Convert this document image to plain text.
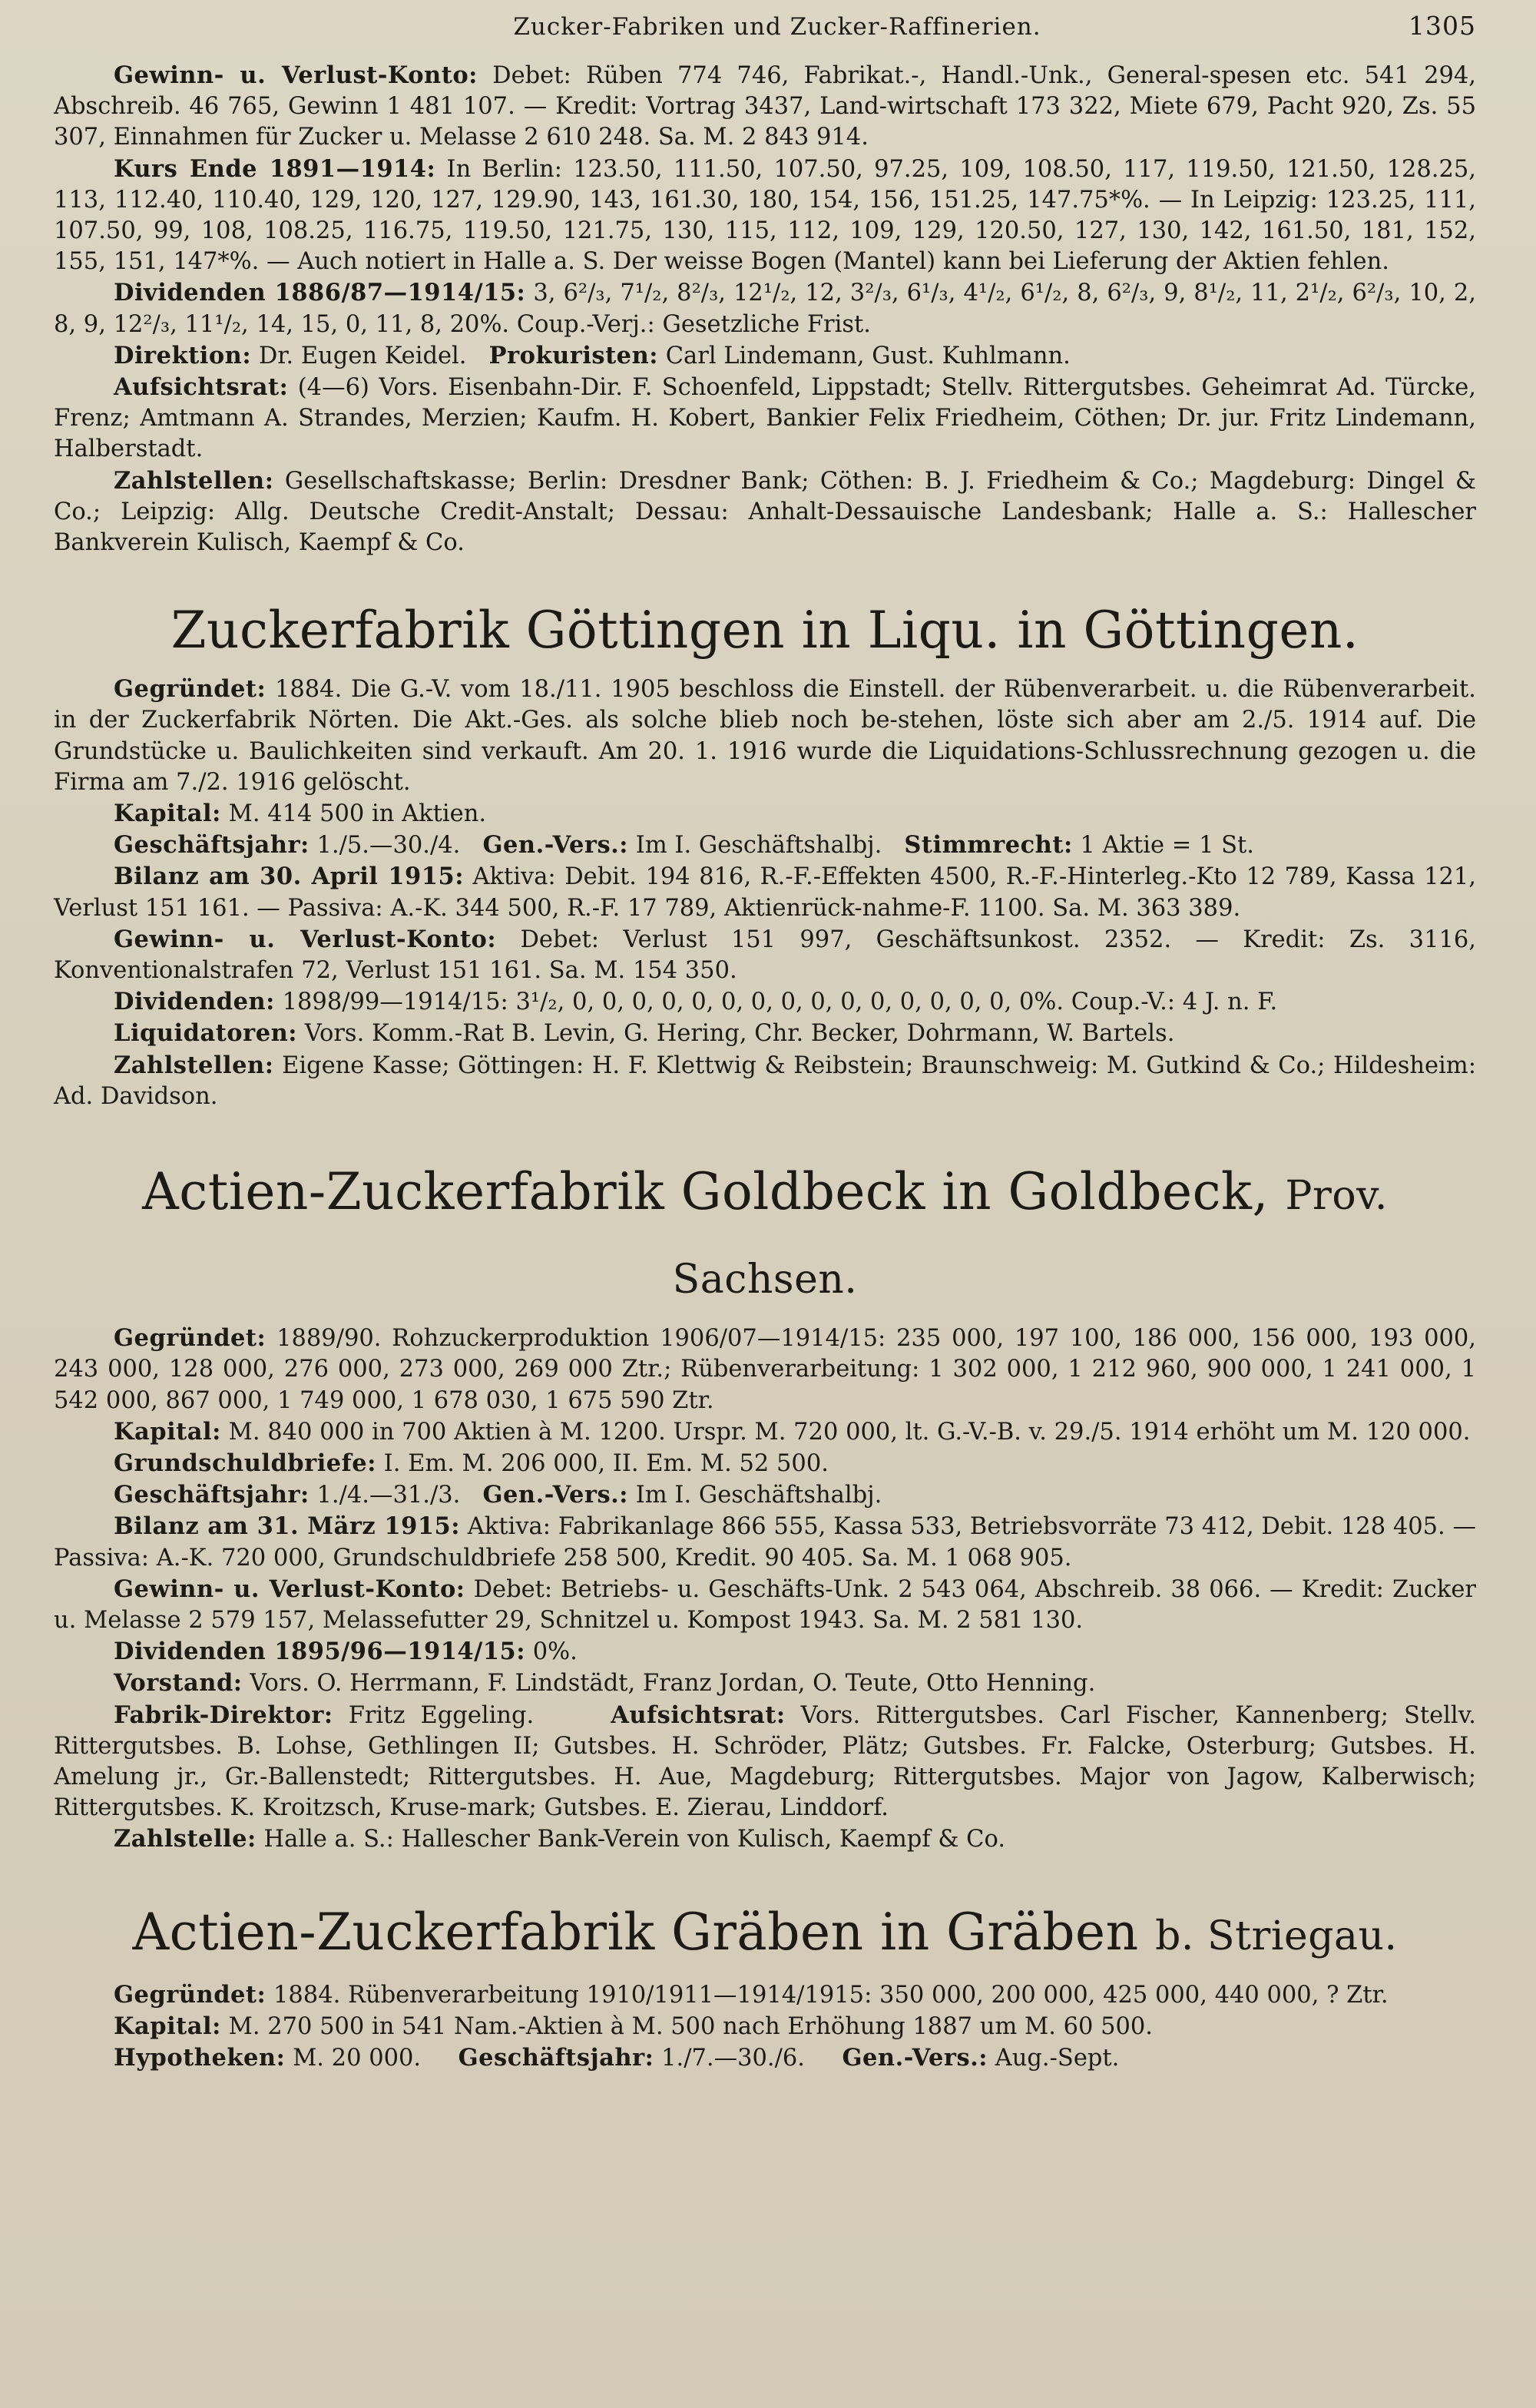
Zucker-Fabriken und Zucker-Raffinerien.	1305

Gewinn- u. Verlust-Konto: Debet: Rüben 774 746, Fabrikat.-, Handl.-Unk., General-spesen etc. 541 294, Abschreib. 46 765, Gewinn 1 481 107. — Kredit: Vortrag 3437, Land-wirtschaft 173 322, Miete 679, Pacht 920, Zs. 55 307, Einnahmen für Zucker u. Melasse 2 610 248. Sa. M. 2 843 914.

Kurs Ende 1891—1914: In Berlin: 123.50, 111.50, 107.50, 97.25, 109, 108.50, 117, 119.50, 121.50, 128.25, 113, 112.40, 110.40, 129, 120, 127, 129.90, 143, 161.30, 180, 154, 156, 151.25, 147.75*%. — In Leipzig: 123.25, 111, 107.50, 99, 108, 108.25, 116.75, 119.50, 121.75, 130, 115, 112, 109, 129, 120.50, 127, 130, 142, 161.50, 181, 152, 155, 151, 147*%. — Auch notiert in Halle a. S. Der weisse Bogen (Mantel) kann bei Lieferung der Aktien fehlen.

Dividenden 1886/87—1914/15: 3, 6²/₃, 7¹/₂, 8²/₃, 12¹/₂, 12, 3²/₃, 6¹/₃, 4¹/₂, 6¹/₂, 8, 6²/₃, 9, 8¹/₂, 11, 2¹/₂, 6²/₃, 10, 2, 8, 9, 12²/₃, 11¹/₂, 14, 15, 0, 11, 8, 20%. Coup.-Verj.: Gesetzliche Frist.

Direktion: Dr. Eugen Keidel. Prokuristen: Carl Lindemann, Gust. Kuhlmann.

Aufsichtsrat: (4—6) Vors. Eisenbahn-Dir. F. Schoenfeld, Lippstadt; Stellv. Rittergutsbes. Geheimrat Ad. Türcke, Frenz; Amtmann A. Strandes, Merzien; Kaufm. H. Kobert, Bankier Felix Friedheim, Cöthen; Dr. jur. Fritz Lindemann, Halberstadt.

Zahlstellen: Gesellschaftskasse; Berlin: Dresdner Bank; Cöthen: B. J. Friedheim & Co.; Magdeburg: Dingel & Co.; Leipzig: Allg. Deutsche Credit-Anstalt; Dessau: Anhalt-Dessauische Landesbank; Halle a. S.: Hallescher Bankverein Kulisch, Kaempf & Co.

Zuckerfabrik Göttingen in Liqu. in Göttingen.

Gegründet: 1884. Die G.-V. vom 18./11. 1905 beschloss die Einstell. der Rübenverarbeit. u. die Rübenverarbeit. in der Zuckerfabrik Nörten. Die Akt.-Ges. als solche blieb noch be-stehen, löste sich aber am 2./5. 1914 auf. Die Grundstücke u. Baulichkeiten sind verkauft. Am 20. 1. 1916 wurde die Liquidations-Schlussrechnung gezogen u. die Firma am 7./2. 1916 gelöscht.

Kapital: M. 414 500 in Aktien.

Geschäftsjahr: 1./5.—30./4. Gen.-Vers.: Im I. Geschäftshalbj. Stimmrecht: 1 Aktie = 1 St.

Bilanz am 30. April 1915: Aktiva: Debit. 194 816, R.-F.-Effekten 4500, R.-F.-Hinterleg.-Kto 12 789, Kassa 121, Verlust 151 161. — Passiva: A.-K. 344 500, R.-F. 17 789, Aktienrück-nahme-F. 1100. Sa. M. 363 389.

Gewinn- u. Verlust-Konto: Debet: Verlust 151 997, Geschäftsunkost. 2352. — Kredit: Zs. 3116, Konventionalstrafen 72, Verlust 151 161. Sa. M. 154 350.

Dividenden: 1898/99—1914/15: 3¹/₂, 0, 0, 0, 0, 0, 0, 0, 0, 0, 0, 0, 0, 0, 0, 0, 0%. Coup.-V.: 4 J. n. F.

Liquidatoren: Vors. Komm.-Rat B. Levin, G. Hering, Chr. Becker, Dohrmann, W. Bartels.

Zahlstellen: Eigene Kasse; Göttingen: H. F. Klettwig & Reibstein; Braunschweig: M. Gutkind & Co.; Hildesheim: Ad. Davidson.

Actien-Zuckerfabrik Goldbeck in Goldbeck, Prov. Sachsen.

Gegründet: 1889/90. Rohzuckerproduktion 1906/07—1914/15: 235 000, 197 100, 186 000, 156 000, 193 000, 243 000, 128 000, 276 000, 273 000, 269 000 Ztr.; Rübenverarbeitung: 1 302 000, 1 212 960, 900 000, 1 241 000, 1 542 000, 867 000, 1 749 000, 1 678 030, 1 675 590 Ztr.

Kapital: M. 840 000 in 700 Aktien à M. 1200. Urspr. M. 720 000, lt. G.-V.-B. v. 29./5. 1914 erhöht um M. 120 000.

Grundschuldbriefe: I. Em. M. 206 000, II. Em. M. 52 500.

Geschäftsjahr: 1./4.—31./3. Gen.-Vers.: Im I. Geschäftshalbj.

Bilanz am 31. März 1915: Aktiva: Fabrikanlage 866 555, Kassa 533, Betriebsvorräte 73 412, Debit. 128 405. — Passiva: A.-K. 720 000, Grundschuldbriefe 258 500, Kredit. 90 405. Sa. M. 1 068 905.

Gewinn- u. Verlust-Konto: Debet: Betriebs- u. Geschäfts-Unk. 2 543 064, Abschreib. 38 066. — Kredit: Zucker u. Melasse 2 579 157, Melassefutter 29, Schnitzel u. Kompost 1943. Sa. M. 2 581 130.

Dividenden 1895/96—1914/15: 0%.

Vorstand: Vors. O. Herrmann, F. Lindstädt, Franz Jordan, O. Teute, Otto Henning.

Fabrik-Direktor: Fritz Eggeling.	Aufsichtsrat: Vors. Rittergutsbes. Carl Fischer, Kannenberg; Stellv. Rittergutsbes. B. Lohse, Gethlingen II; Gutsbes. H. Schröder, Plätz; Gutsbes. Fr. Falcke, Osterburg; Gutsbes. H. Amelung jr., Gr.-Ballenstedt; Rittergutsbes. H. Aue, Magdeburg; Rittergutsbes. Major von Jagow, Kalberwisch; Rittergutsbes. K. Kroitzsch, Kruse-mark; Gutsbes. E. Zierau, Linddorf.

Zahlstelle: Halle a. S.: Hallescher Bank-Verein von Kulisch, Kaempf & Co.

Actien-Zuckerfabrik Gräben in Gräben b. Striegau.

Gegründet: 1884. Rübenverarbeitung 1910/1911—1914/1915: 350 000, 200 000, 425 000, 440 000, ? Ztr.

Kapital: M. 270 500 in 541 Nam.-Aktien à M. 500 nach Erhöhung 1887 um M. 60 500.

Hypotheken: M. 20 000. Geschäftsjahr: 1./7.—30./6. Gen.-Vers.: Aug.-Sept.
